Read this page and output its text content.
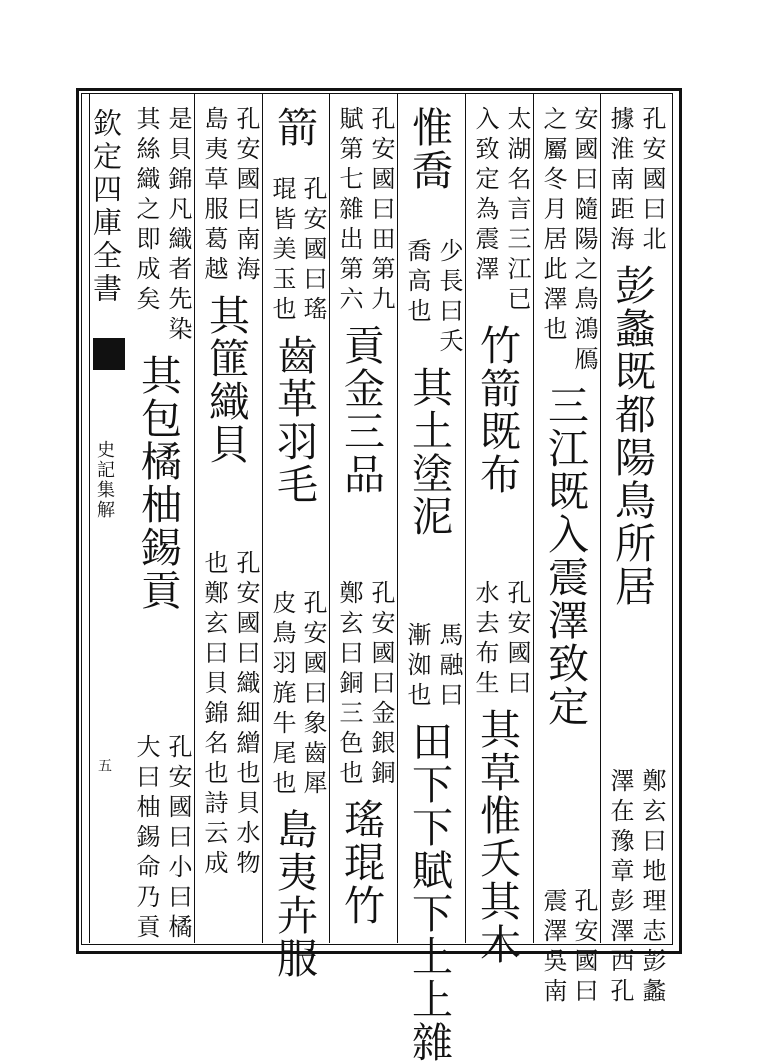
欽定四庫全書
史記集解
五
孔安國曰北
據淮南距海
彭蠡既都陽鳥所居
鄭玄曰地理志彭蠡
澤在豫章彭澤西孔
安國曰隨陽之鳥鴻鴈
之屬冬月居此澤也
三江既入震澤致定
孔安國曰
震澤吳南
太湖名言三江已
入致定為震澤
竹箭既布
孔安國曰
水去布生
其草惟夭其木
惟喬
少長曰夭
喬高也
其土塗泥
馬融曰
漸洳也
田下下賦下上上雜
孔安國曰田第九
賦第七雜出第六
貢金三品
孔安國曰金銀銅
鄭玄曰銅三色也
瑤琨竹
箭
孔安國曰瑤
琨皆美玉也
齒革羽毛
孔安國曰象齒犀
皮鳥羽旄牛尾也
島夷卉服
孔安國曰南海
島夷草服葛越
其篚織貝
孔安國曰織細繒也貝水物
也鄭玄曰貝錦名也詩云成
是貝錦凡織者先染
其絲織之即成矣
其包橘柚錫貢
孔安國曰小曰橘
大曰柚錫命乃貢
